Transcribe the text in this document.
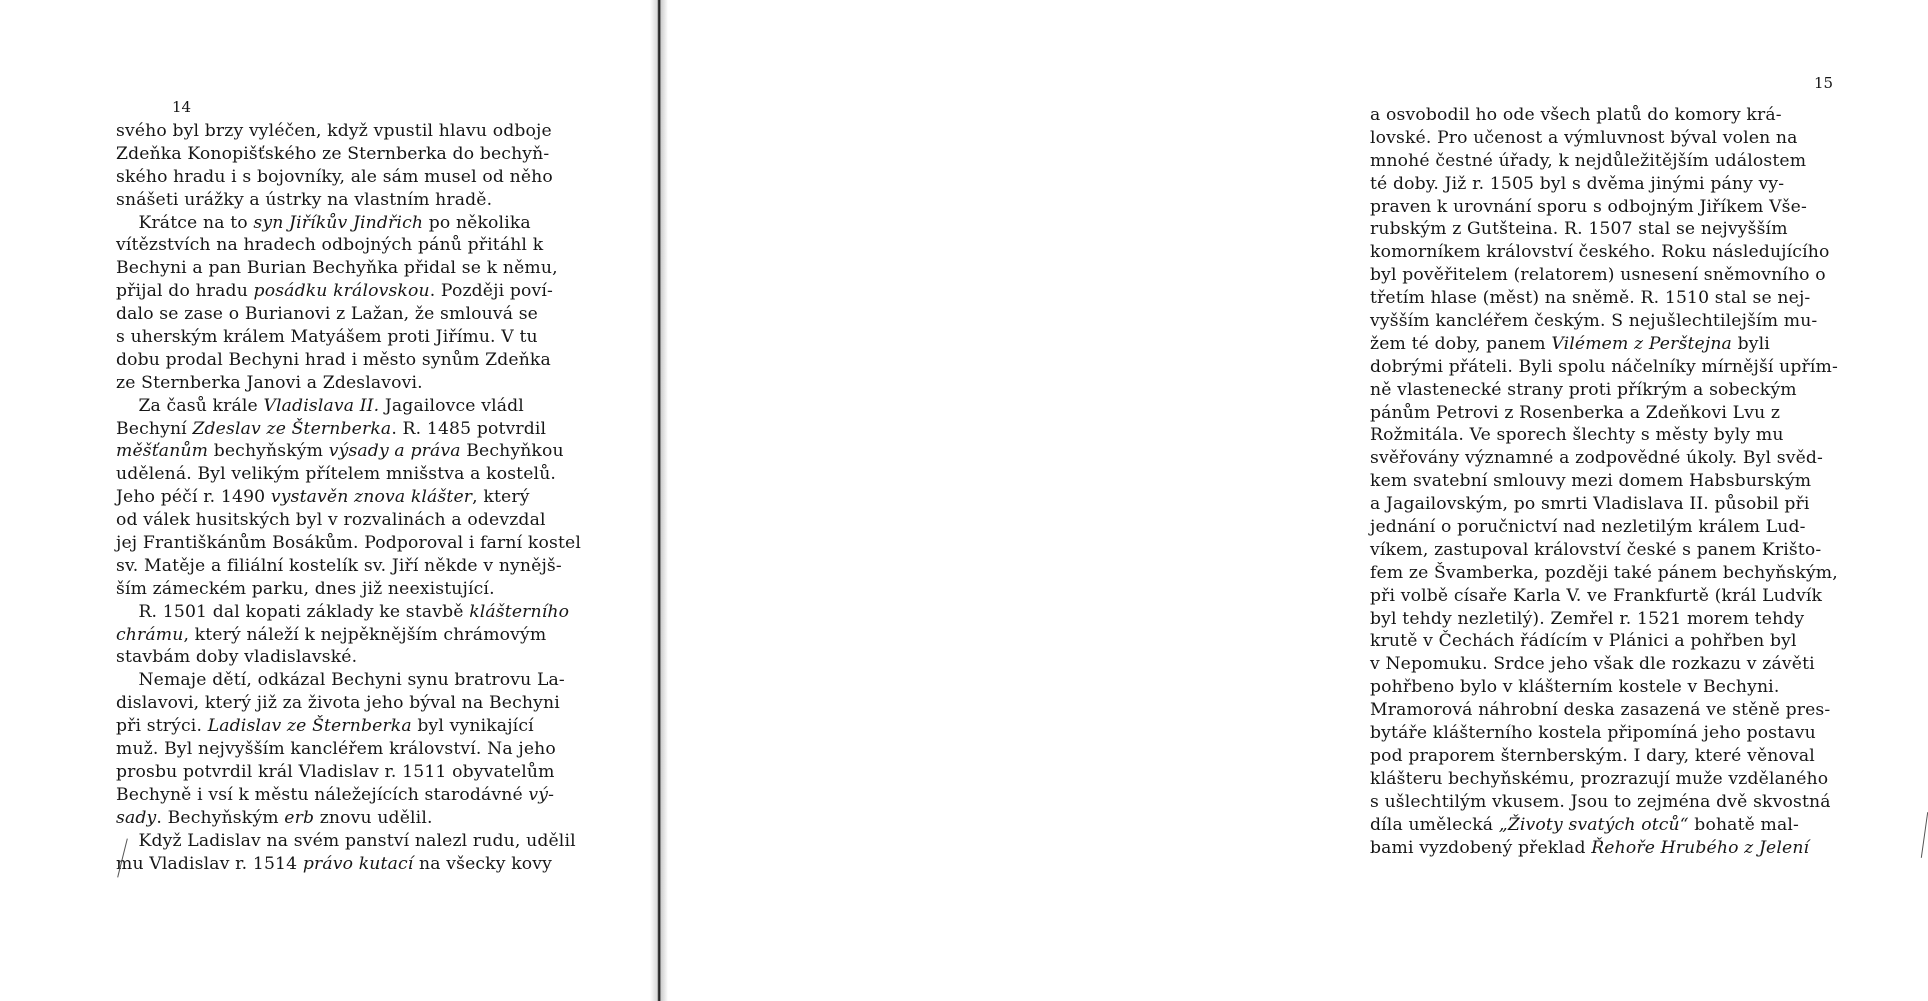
14
svého byl brzy vyléčen, když vpustil hlavu odboje
Zdeňka Konopišťského ze Sternberka do bechyň-
ského hradu i s bojovníky, ale sám musel od něho
snášeti urážky a ústrky na vlastním hradě.
Krátce na to syn Jiříkův Jindřich po několika
vítězstvích na hradech odbojných pánů přitáhl k
Bechyni a pan Burian Bechyňka přidal se k němu,
přijal do hradu posádku královskou. Později poví-
dalo se zase o Burianovi z Lažan, že smlouvá se
s uherským králem Matyášem proti Jiřímu. V tu
dobu prodal Bechyni hrad i město synům Zdeňka
ze Sternberka Janovi a Zdeslavovi.
Za časů krále Vladislava II. Jagailovce vládl
Bechyní Zdeslav ze Šternberka. R. 1485 potvrdil
měšťanům bechyňským výsady a práva Bechyňkou
udělená. Byl velikým přítelem mnišstva a kostelů.
Jeho péčí r. 1490 vystavěn znova klášter, který
od válek husitských byl v rozvalinách a odevzdal
jej Františkánům Bosákům. Podporoval i farní kostel
sv. Matěje a filiální kostelík sv. Jiří někde v nynějš-
ším zámeckém parku, dnes již neexistující.
R. 1501 dal kopati základy ke stavbě klášterního
chrámu, který náleží k nejpěknějším chrámovým
stavbám doby vladislavské.
Nemaje dětí, odkázal Bechyni synu bratrovu La-
dislavovi, který již za života jeho býval na Bechyni
při strýci. Ladislav ze Šternberka byl vynikající
muž. Byl nejvyšším kancléřem království. Na jeho
prosbu potvrdil král Vladislav r. 1511 obyvatelům
Bechyně i vsí k městu náležejících starodávné vý-
sady. Bechyňským erb znovu udělil.
Když Ladislav na svém panství nalezl rudu, udělil
mu Vladislav r. 1514 právo kutací na všecky kovy
15
a osvobodil ho ode všech platů do komory krá-
lovské. Pro učenost a výmluvnost býval volen na
mnohé čestné úřady, k nejdůležitějším událostem
té doby. Již r. 1505 byl s dvěma jinými pány vy-
praven k urovnání sporu s odbojným Jiříkem Vše-
rubským z Gutšteina. R. 1507 stal se nejvyšším
komorníkem království českého. Roku následujícího
byl pověřitelem (relatorem) usnesení sněmovního o
třetím hlase (měst) na sněmě. R. 1510 stal se nej-
vyšším kancléřem českým. S nejušlechtilejším mu-
žem té doby, panem Vilémem z Perštejna byli
dobrými přáteli. Byli spolu náčelníky mírnější upřím-
ně vlastenecké strany proti příkrým a sobeckým
pánům Petrovi z Rosenberka a Zdeňkovi Lvu z
Rožmitála. Ve sporech šlechty s městy byly mu
svěřovány významné a zodpovědné úkoly. Byl svěd-
kem svatební smlouvy mezi domem Habsburským
a Jagailovským, po smrti Vladislava II. působil při
jednání o poručnictví nad nezletilým králem Lud-
víkem, zastupoval království české s panem Krišto-
fem ze Švamberka, později také pánem bechyňským,
při volbě císaře Karla V. ve Frankfurtě (král Ludvík
byl tehdy nezletilý). Zemřel r. 1521 morem tehdy
krutě v Čechách řádícím v Plánici a pohřben byl
v Nepomuku. Srdce jeho však dle rozkazu v závěti
pohřbeno bylo v klášterním kostele v Bechyni.
Mramorová náhrobní deska zasazená ve stěně pres-
bytáře klášterního kostela připomíná jeho postavu
pod praporem šternberským. I dary, které věnoval
klášteru bechyňskému, prozrazují muže vzdělaného
s ušlechtilým vkusem. Jsou to zejména dvě skvostná
díla umělecká „Životy svatých otců“ bohatě mal-
bami vyzdobený překlad Řehoře Hrubého z Jelení
